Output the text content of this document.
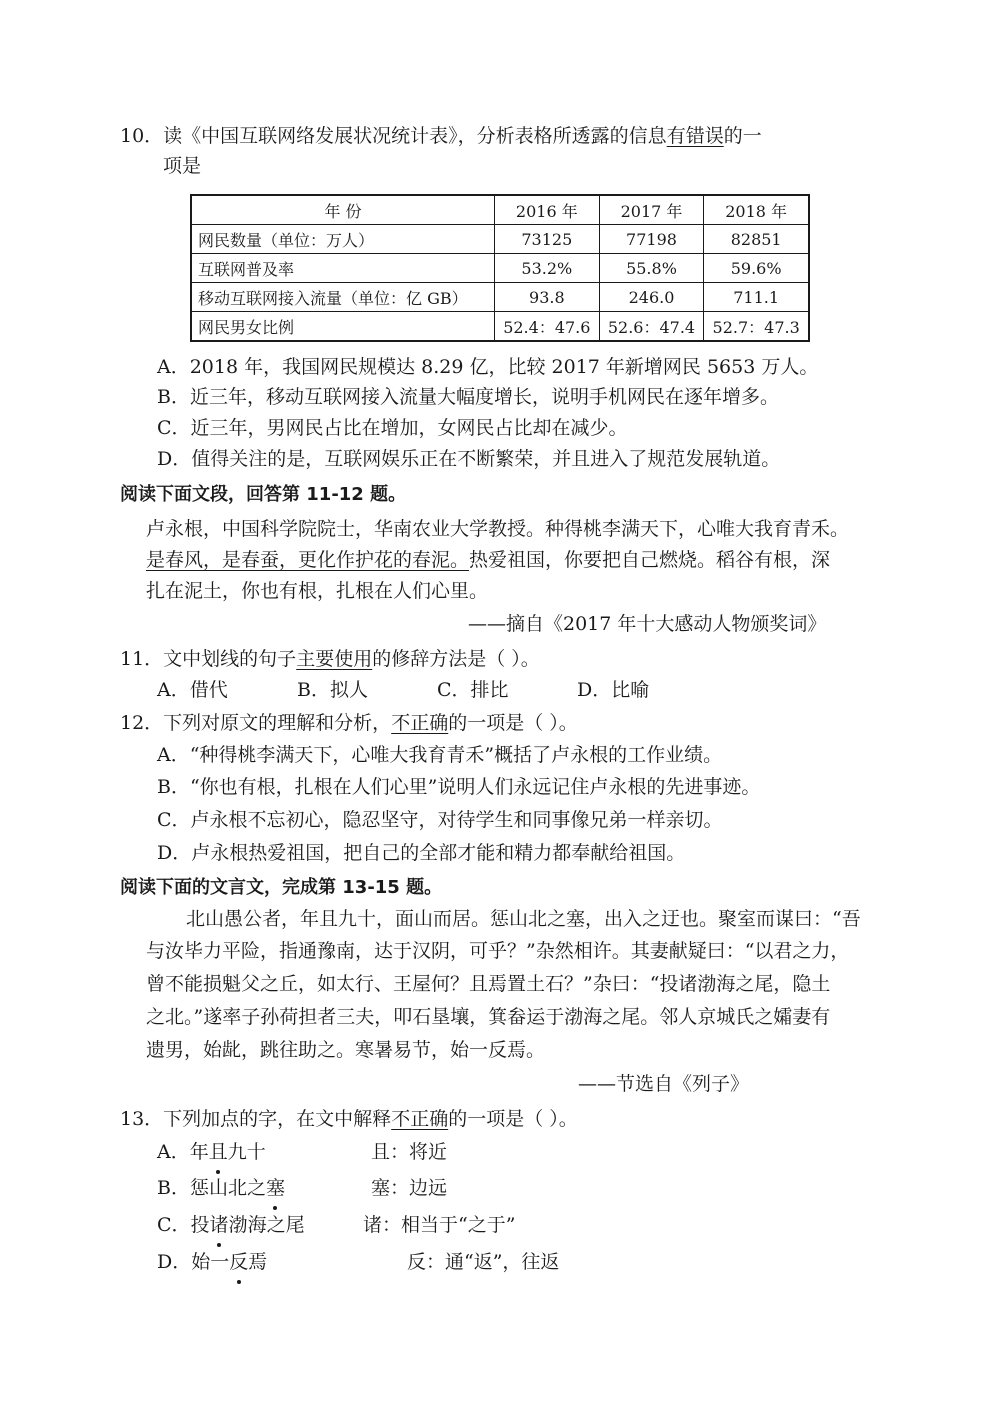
10．读《中国互联网络发展状况统计表》，分析表格所透露的信息有错误的一
项是
年 份	2016 年	2017 年	2018 年
网民数量（单位：万人）	73125	77198	82851
互联网普及率	53.2%	55.8%	59.6%
移动互联网接入流量（单位：亿 GB）	93.8	246.0	711.1
网民男女比例	52.4：47.6	52.6：47.4	52.7：47.3
A．2018 年，我国网民规模达 8.29 亿，比较 2017 年新增网民 5653 万人。
B．近三年，移动互联网接入流量大幅度增长，说明手机网民在逐年增多。
C．近三年，男网民占比在增加，女网民占比却在减少。
D．值得关注的是，互联网娱乐正在不断繁荣，并且进入了规范发展轨道。
阅读下面文段，回答第 11-12 题。
卢永根，中国科学院院士，华南农业大学教授。种得桃李满天下，心唯大我育青禾。
是春风，是春蚕，更化作护花的春泥。热爱祖国，你要把自己燃烧。稻谷有根，深
扎在泥土，你也有根，扎根在人们心里。
——摘自《2017 年十大感动人物颁奖词》
11．文中划线的句子主要使用的修辞方法是（ ）。
A．借代	B．拟人	C．排比	D．比喻
12．下列对原文的理解和分析，不正确的一项是（ ）。
A．“种得桃李满天下，心唯大我育青禾”概括了卢永根的工作业绩。
B．“你也有根，扎根在人们心里”说明人们永远记住卢永根的先进事迹。
C．卢永根不忘初心，隐忍坚守，对待学生和同事像兄弟一样亲切。
D．卢永根热爱祖国，把自己的全部才能和精力都奉献给祖国。
阅读下面的文言文，完成第 13-15 题。
北山愚公者，年且九十，面山而居。惩山北之塞，出入之迂也。聚室而谋曰：“吾
与汝毕力平险，指通豫南，达于汉阴，可乎？”杂然相许。其妻献疑曰：“以君之力，
曾不能损魁父之丘，如太行、王屋何？且焉置土石？”杂曰：“投诸渤海之尾，隐土
之北。”遂率子孙荷担者三夫，叩石垦壤，箕畚运于渤海之尾。邻人京城氏之孀妻有
遗男，始龀，跳往助之。寒暑易节，始一反焉。
——节选自《列子》
13．下列加点的字，在文中解释不正确的一项是（ ）。
A．年且九十	且：将近
B．惩山北之塞	塞：边远
C．投诸渤海之尾	诸：相当于“之于”
D．始一反焉	反：通“返”，往返
